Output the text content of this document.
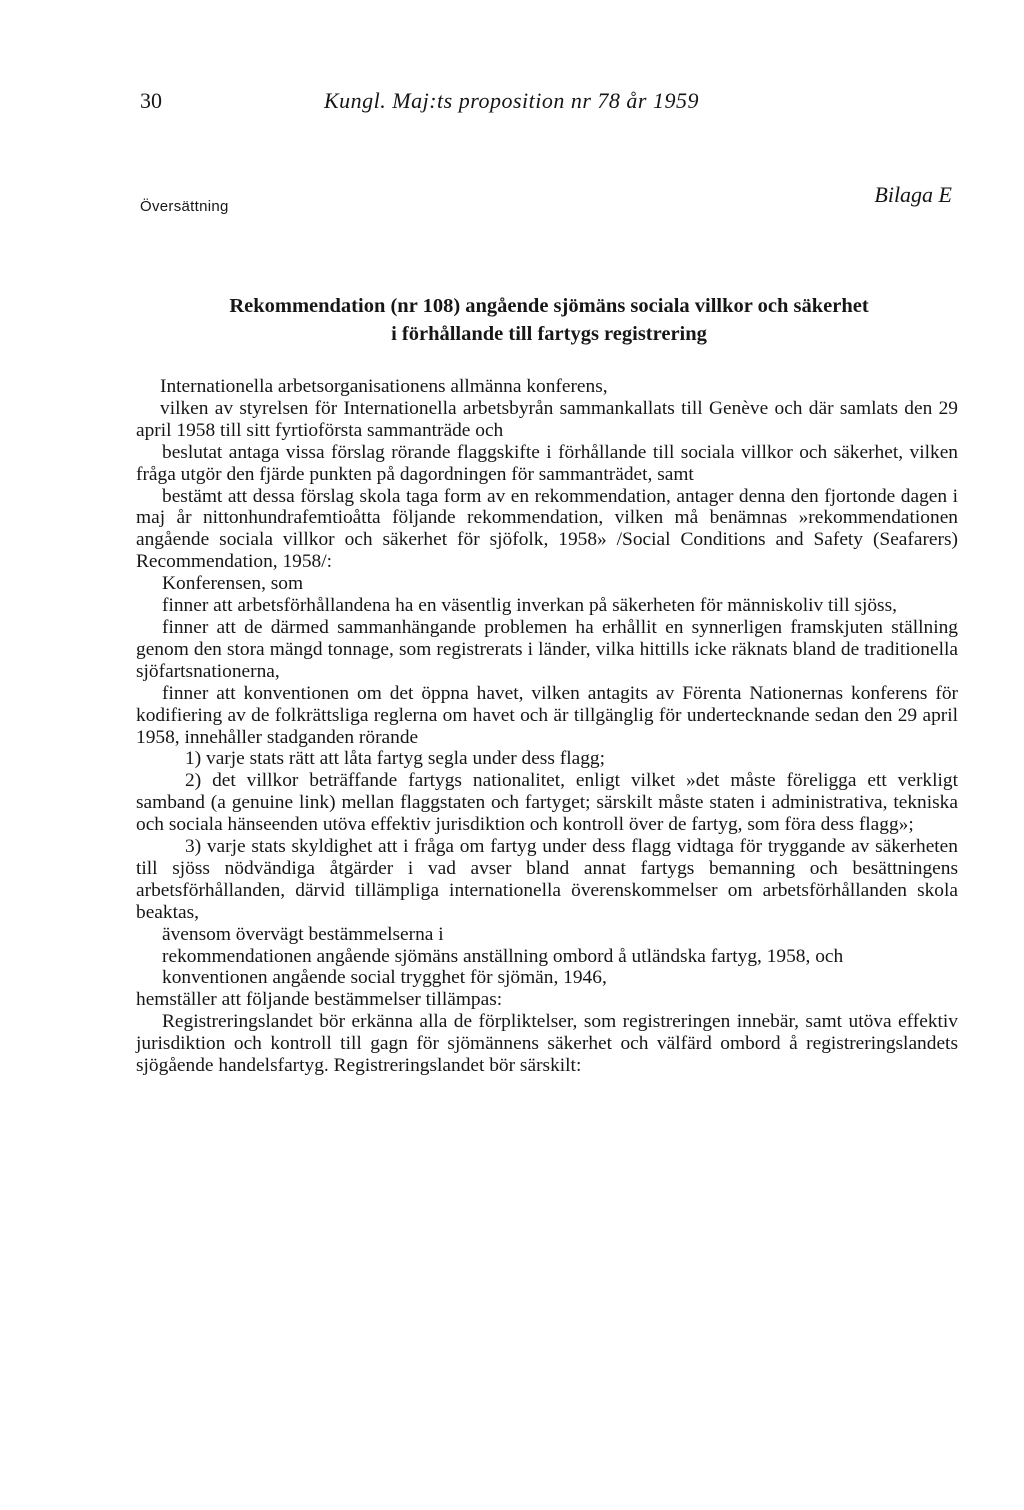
30	Kungl. Maj:ts proposition nr 78 år 1959
Översättning	Bilaga E
Rekommendation (nr 108) angående sjömäns sociala villkor och säkerhet
i förhållande till fartygs registrering
Internationella arbetsorganisationens allmänna konferens,
vilken av styrelsen för Internationella arbetsbyrån sammankallats till Genève och där samlats den 29 april 1958 till sitt fyrtioförsta sammanträde och
beslutat antaga vissa förslag rörande flaggskifte i förhållande till sociala villkor och säkerhet, vilken fråga utgör den fjärde punkten på dagordningen för sammanträdet, samt
bestämt att dessa förslag skola taga form av en rekommendation, antager denna den fjortonde dagen i maj år nittonhundrafemtioåtta följande rekommendation, vilken må benämnas »rekommendationen angående sociala villkor och säkerhet för sjöfolk, 1958» /Social Conditions and Safety (Seafarers) Recommendation, 1958/:
Konferensen, som
finner att arbetsförhållandena ha en väsentlig inverkan på säkerheten för människoliv till sjöss,
finner att de därmed sammanhängande problemen ha erhållit en synnerligen framskjuten ställning genom den stora mängd tonnage, som registrerats i länder, vilka hittills icke räknats bland de traditionella sjöfartsnationerna,
finner att konventionen om det öppna havet, vilken antagits av Förenta Nationernas konferens för kodifiering av de folkrättsliga reglerna om havet och är tillgänglig för undertecknande sedan den 29 april 1958, innehåller stadganden rörande
1) varje stats rätt att låta fartyg segla under dess flagg;
2) det villkor beträffande fartygs nationalitet, enligt vilket »det måste föreligga ett verkligt samband (a genuine link) mellan flaggstaten och fartyget; särskilt måste staten i administrativa, tekniska och sociala hänseenden utöva effektiv jurisdiktion och kontroll över de fartyg, som föra dess flagg»;
3) varje stats skyldighet att i fråga om fartyg under dess flagg vidtaga för tryggande av säkerheten till sjöss nödvändiga åtgärder i vad avser bland annat fartygs bemanning och besättningens arbetsförhållanden, därvid tillämpliga internationella överenskommelser om arbetsförhållanden skola beaktas,
ävensom övervägt bestämmelserna i
rekommendationen angående sjömäns anställning ombord å utländska fartyg, 1958, och
konventionen angående social trygghet för sjömän, 1946,
hemställer att följande bestämmelser tillämpas:
Registreringslandet bör erkänna alla de förpliktelser, som registreringen innebär, samt utöva effektiv jurisdiktion och kontroll till gagn för sjömännens säkerhet och välfärd ombord å registreringslandets sjögående handelsfartyg. Registreringslandet bör särskilt:
